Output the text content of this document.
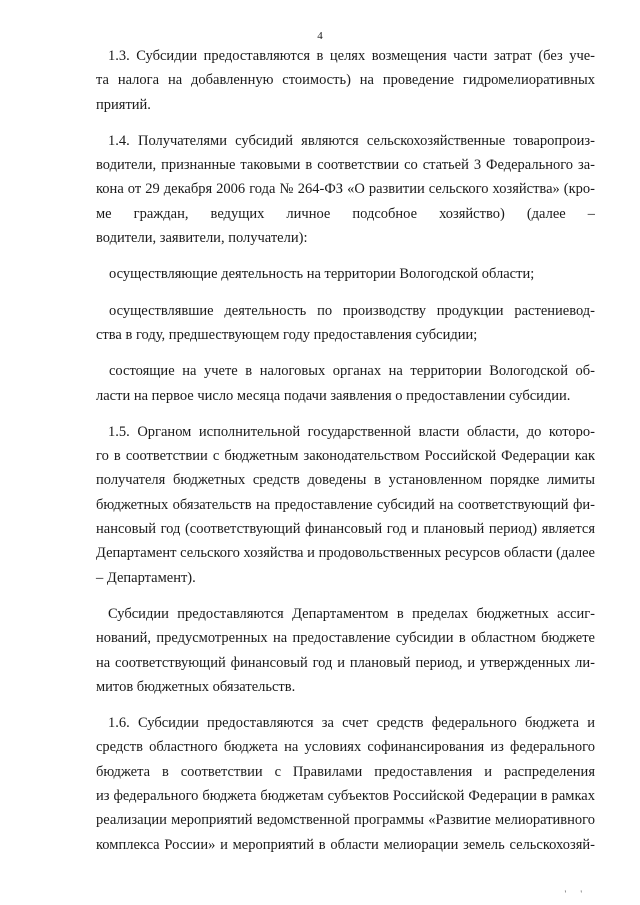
4
1.3. Субсидии предоставляются в целях возмещения части затрат (без уче-
та налога на добавленную стоимость) на проведение гидромелиоративных
приятий.
1.4. Получателями субсидий являются сельскохозяйственные товаропроиз-
водители, признанные таковыми в соответствии со статьей 3 Федерального за-
кона от 29 декабря 2006 года № 264-ФЗ «О развитии сельского хозяйства» (кро-
ме граждан, ведущих личное подсобное хозяйство) (далее –
водители, заявители, получатели):
осуществляющие деятельность на территории Вологодской области;
осуществлявшие деятельность по производству продукции растениевод-
ства в году, предшествующем году предоставления субсидии;
состоящие на учете в налоговых органах на территории Вологодской об-
ласти на первое число месяца подачи заявления о предоставлении субсидии.
1.5. Органом исполнительной государственной власти области, до которо-
го в соответствии с бюджетным законодательством Российской Федерации как
получателя бюджетных средств доведены в установленном порядке лимиты
бюджетных обязательств на предоставление субсидий на соответствующий фи-
нансовый год (соответствующий финансовый год и плановый период) является
Департамент сельского хозяйства и продовольственных ресурсов области (далее
– Департамент).
Субсидии предоставляются Департаментом в пределах бюджетных ассиг-
нований, предусмотренных на предоставление субсидии в областном бюджете
на соответствующий финансовый год и плановый период, и утвержденных ли-
митов бюджетных обязательств.
1.6. Субсидии предоставляются за счет средств федерального бюджета и
средств областного бюджета на условиях софинансирования из федерального
бюджета в соответствии с Правилами предоставления и распределения
из федерального бюджета бюджетам субъектов Российской Федерации в рамках
реализации мероприятий ведомственной программы «Развитие мелиоративного
комплекса России» и мероприятий в области мелиорации земель сельскохозяй-
' '
